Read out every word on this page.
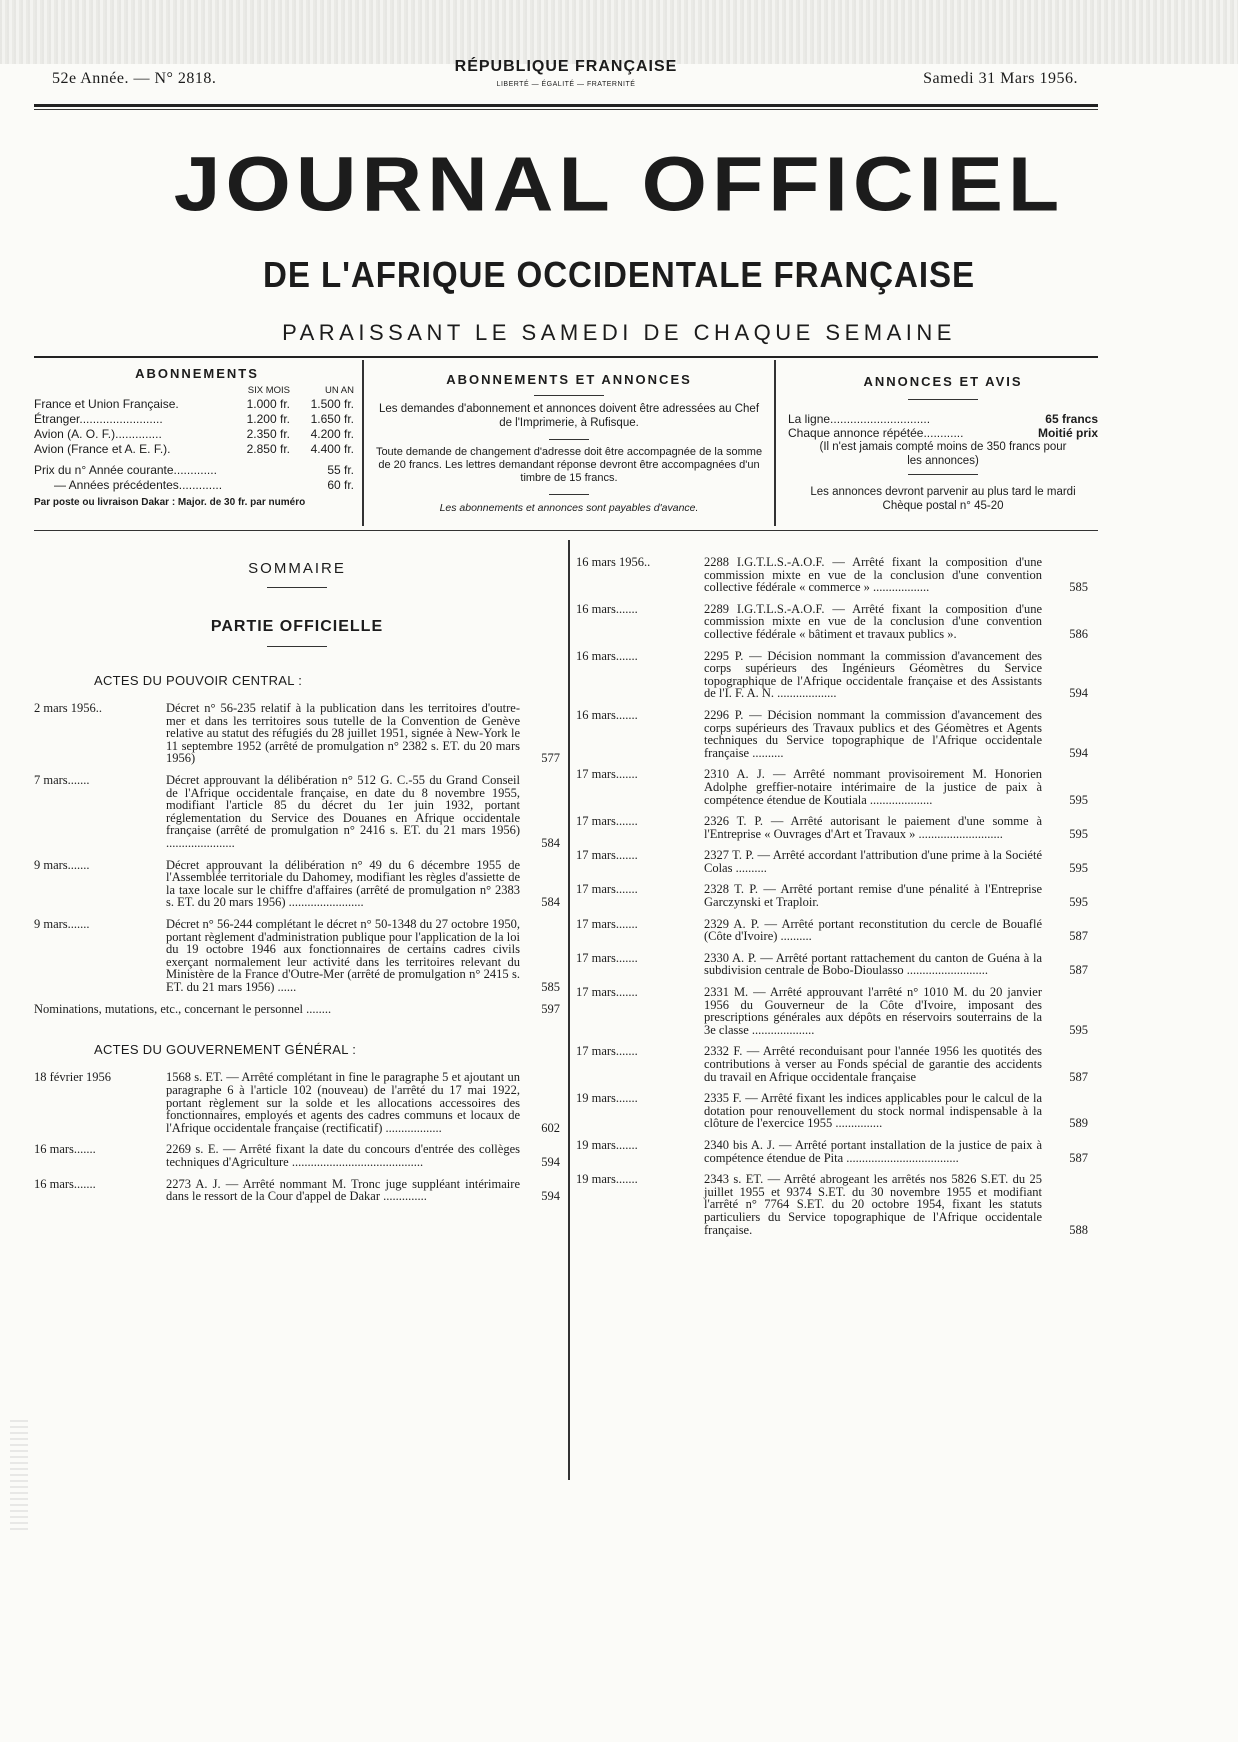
52e Année. — N° 2818.
RÉPUBLIQUE FRANÇAISE
LIBERTÉ — ÉGALITÉ — FRATERNITÉ	Samedi 31 Mars 1956.
JOURNAL OFFICIEL
DE L'AFRIQUE OCCIDENTALE FRANÇAISE
PARAISSANT LE SAMEDI DE CHAQUE SEMAINE
ABONNEMENTS
SIX MOIS	UN AN
France et Union Française.	1.000 fr.	1.500 fr.
Étranger.........................	1.200 fr.	1.650 fr.
Avion (A. O. F.)..............	2.350 fr.	4.200 fr.
Avion (France et A. E. F.).	2.850 fr.	4.400 fr.
Prix du n° Année courante.............	55 fr.
— Années précédentes.............	60 fr.
Par poste ou livraison Dakar : Major. de 30 fr. par numéro
ABONNEMENTS ET ANNONCES
Les demandes d'abonnement et annonces doivent être adressées au Chef de l'Imprimerie, à Rufisque.
Toute demande de changement d'adresse doit être accompagnée de la somme de 20 francs. Les lettres demandant réponse devront être accompagnées d'un timbre de 15 francs.
Les abonnements et annonces sont payables d'avance.
ANNONCES ET AVIS
La ligne..............................	65 francs
Chaque annonce répétée............	Moitié prix
(Il n'est jamais compté moins de 350 francs pour les annonces)
Les annonces devront parvenir au plus tard le mardi
Chèque postal n° 45-20
SOMMAIRE
PARTIE OFFICIELLE
ACTES DU POUVOIR CENTRAL :
2 mars 1956..	Décret n° 56-235 relatif à la publication dans les territoires d'outre-mer et dans les territoires sous tutelle de la Convention de Genève relative au statut des réfugiés du 28 juillet 1951, signée à New-York le 11 septembre 1952 (arrêté de promulgation n° 2382 s. ET. du 20 mars 1956)	577
7 mars.......	Décret approuvant la délibération n° 512 G. C.-55 du Grand Conseil de l'Afrique occidentale française, en date du 8 novembre 1955, modifiant l'article 85 du décret du 1er juin 1932, portant réglementation du Service des Douanes en Afrique occidentale française (arrêté de promulgation n° 2416 s. ET. du 21 mars 1956) ......................	584
9 mars.......	Décret approuvant la délibération n° 49 du 6 décembre 1955 de l'Assemblée territoriale du Dahomey, modifiant les règles d'assiette de la taxe locale sur le chiffre d'affaires (arrêté de promulgation n° 2383 s. ET. du 20 mars 1956) ........................	584
9 mars.......	Décret n° 56-244 complétant le décret n° 50-1348 du 27 octobre 1950, portant règlement d'administration publique pour l'application de la loi du 19 octobre 1946 aux fonctionnaires de certains cadres civils exerçant normalement leur activité dans les territoires relevant du Ministère de la France d'Outre-Mer (arrêté de promulgation n° 2415 s. ET. du 21 mars 1956) ......	585
Nominations, mutations, etc., concernant le personnel ........	597
ACTES DU GOUVERNEMENT GÉNÉRAL :
18 février 1956	1568 s. ET. — Arrêté complétant in fine le paragraphe 5 et ajoutant un paragraphe 6 à l'article 102 (nouveau) de l'arrêté du 17 mai 1922, portant règlement sur la solde et les allocations accessoires des fonctionnaires, employés et agents des cadres communs et locaux de l'Afrique occidentale française (rectificatif) ..................	602
16 mars.......	2269 s. E. — Arrêté fixant la date du concours d'entrée des collèges techniques d'Agriculture ..........................................	594
16 mars.......	2273 A. J. — Arrêté nommant M. Tronc juge suppléant intérimaire dans le ressort de la Cour d'appel de Dakar ..............	594
16 mars 1956..	2288 I.G.T.L.S.-A.O.F. — Arrêté fixant la composition d'une commission mixte en vue de la conclusion d'une convention collective fédérale « commerce » ..................	585
16 mars.......	2289 I.G.T.L.S.-A.O.F. — Arrêté fixant la composition d'une commission mixte en vue de la conclusion d'une convention collective fédérale « bâtiment et travaux publics ».	586
16 mars.......	2295 P. — Décision nommant la commission d'avancement des corps supérieurs des Ingénieurs Géomètres du Service topographique de l'Afrique occidentale française et des Assistants de l'I. F. A. N. ...................	594
16 mars.......	2296 P. — Décision nommant la commission d'avancement des corps supérieurs des Travaux publics et des Géomètres et Agents techniques du Service topographique de l'Afrique occidentale française ..........	594
17 mars.......	2310 A. J. — Arrêté nommant provisoirement M. Honorien Adolphe greffier-notaire intérimaire de la justice de paix à compétence étendue de Koutiala ....................	595
17 mars.......	2326 T. P. — Arrêté autorisant le paiement d'une somme à l'Entreprise « Ouvrages d'Art et Travaux » ...........................	595
17 mars.......	2327 T. P. — Arrêté accordant l'attribution d'une prime à la Société Colas ..........	595
17 mars.......	2328 T. P. — Arrêté portant remise d'une pénalité à l'Entreprise Garczynski et Traploir.	595
17 mars.......	2329 A. P. — Arrêté portant reconstitution du cercle de Bouaflé (Côte d'Ivoire) ..........	587
17 mars.......	2330 A. P. — Arrêté portant rattachement du canton de Guéna à la subdivision centrale de Bobo-Dioulasso ..........................	587
17 mars.......	2331 M. — Arrêté approuvant l'arrêté n° 1010 M. du 20 janvier 1956 du Gouverneur de la Côte d'Ivoire, imposant des prescriptions générales aux dépôts en réservoirs souterrains de la 3e classe ....................	595
17 mars.......	2332 F. — Arrêté reconduisant pour l'année 1956 les quotités des contributions à verser au Fonds spécial de garantie des accidents du travail en Afrique occidentale française	587
19 mars.......	2335 F. — Arrêté fixant les indices applicables pour le calcul de la dotation pour renouvellement du stock normal indispensable à la clôture de l'exercice 1955 ...............	589
19 mars.......	2340 bis A. J. — Arrêté portant installation de la justice de paix à compétence étendue de Pita ....................................	587
19 mars.......	2343 s. ET. — Arrêté abrogeant les arrêtés nos 5826 S.ET. du 25 juillet 1955 et 9374 S.ET. du 30 novembre 1955 et modifiant l'arrêté n° 7764 S.ET. du 20 octobre 1954, fixant les statuts particuliers du Service topographique de l'Afrique occidentale française.	588
